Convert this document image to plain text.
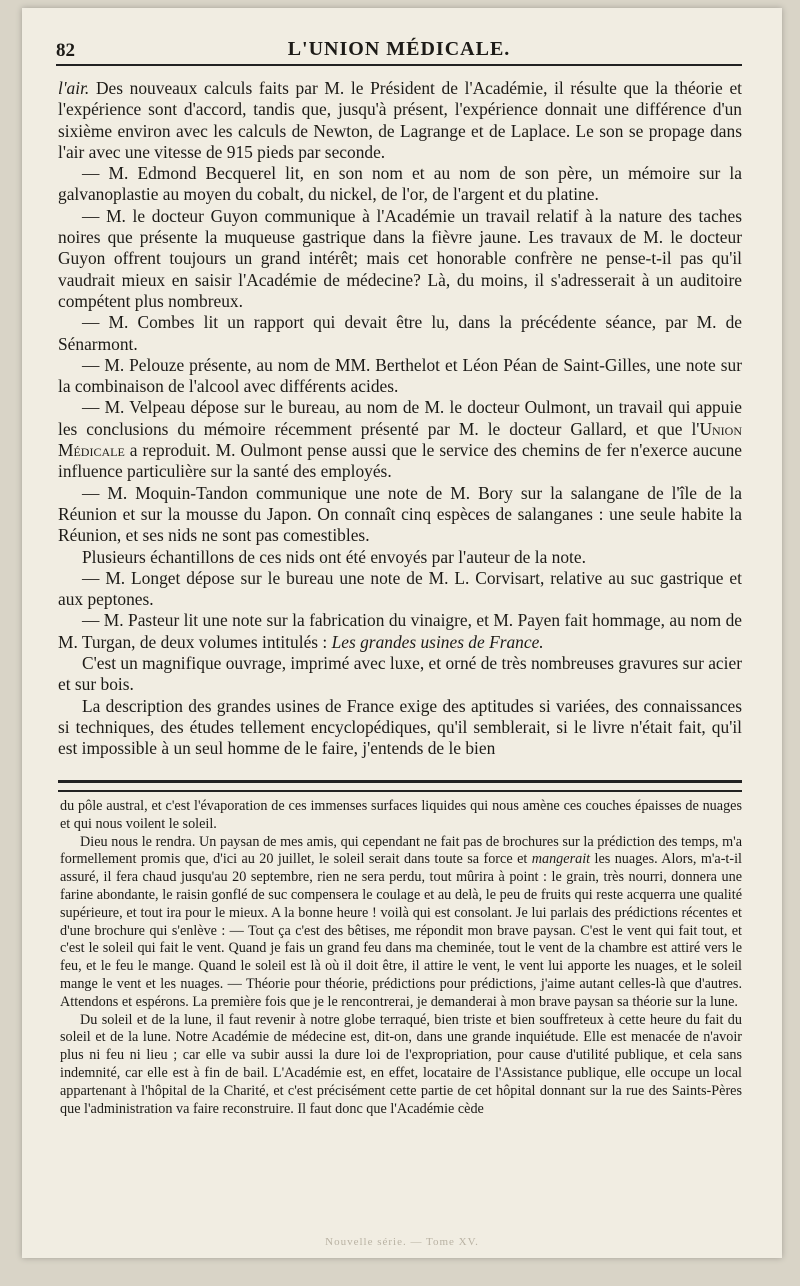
82	L'UNION MÉDICALE.

l'air. Des nouveaux calculs faits par M. le Président de l'Académie, il résulte que la théorie et l'expérience sont d'accord, tandis que, jusqu'à présent, l'expérience donnait une différence d'un sixième environ avec les calculs de Newton, de Lagrange et de Laplace. Le son se propage dans l'air avec une vitesse de 915 pieds par seconde.

— M. Edmond Becquerel lit, en son nom et au nom de son père, un mémoire sur la galvanoplastie au moyen du cobalt, du nickel, de l'or, de l'argent et du platine.

— M. le docteur Guyon communique à l'Académie un travail relatif à la nature des taches noires que présente la muqueuse gastrique dans la fièvre jaune. Les travaux de M. le docteur Guyon offrent toujours un grand intérêt; mais cet honorable confrère ne pense-t-il pas qu'il vaudrait mieux en saisir l'Académie de médecine? Là, du moins, il s'adresserait à un auditoire compétent plus nombreux.

— M. Combes lit un rapport qui devait être lu, dans la précédente séance, par M. de Sénarmont.

— M. Pelouze présente, au nom de MM. Berthelot et Léon Péan de Saint-Gilles, une note sur la combinaison de l'alcool avec différents acides.

— M. Velpeau dépose sur le bureau, au nom de M. le docteur Oulmont, un travail qui appuie les conclusions du mémoire récemment présenté par M. le docteur Gallard, et que l'Union Médicale a reproduit. M. Oulmont pense aussi que le service des chemins de fer n'exerce aucune influence particulière sur la santé des employés.

— M. Moquin-Tandon communique une note de M. Bory sur la salangane de l'île de la Réunion et sur la mousse du Japon. On connaît cinq espèces de salanganes : une seule habite la Réunion, et ses nids ne sont pas comestibles.

Plusieurs échantillons de ces nids ont été envoyés par l'auteur de la note.

— M. Longet dépose sur le bureau une note de M. L. Corvisart, relative au suc gastrique et aux peptones.

— M. Pasteur lit une note sur la fabrication du vinaigre, et M. Payen fait hommage, au nom de M. Turgan, de deux volumes intitulés : Les grandes usines de France.

C'est un magnifique ouvrage, imprimé avec luxe, et orné de très nombreuses gravures sur acier et sur bois.

La description des grandes usines de France exige des aptitudes si variées, des connaissances si techniques, des études tellement encyclopédiques, qu'il semblerait, si le livre n'était fait, qu'il est impossible à un seul homme de le faire, j'entends de le bien

du pôle austral, et c'est l'évaporation de ces immenses surfaces liquides qui nous amène ces couches épaisses de nuages et qui nous voilent le soleil.

Dieu nous le rendra. Un paysan de mes amis, qui cependant ne fait pas de brochures sur la prédiction des temps, m'a formellement promis que, d'ici au 20 juillet, le soleil serait dans toute sa force et mangerait les nuages. Alors, m'a-t-il assuré, il fera chaud jusqu'au 20 septembre, rien ne sera perdu, tout mûrira à point : le grain, très nourri, donnera une farine abondante, le raisin gonflé de suc compensera le coulage et au delà, le peu de fruits qui reste acquerra une qualité supérieure, et tout ira pour le mieux. A la bonne heure ! voilà qui est consolant. Je lui parlais des prédictions récentes et d'une brochure qui s'enlève : — Tout ça c'est des bêtises, me répondit mon brave paysan. C'est le vent qui fait tout, et c'est le soleil qui fait le vent. Quand je fais un grand feu dans ma cheminée, tout le vent de la chambre est attiré vers le feu, et le feu le mange. Quand le soleil est là où il doit être, il attire le vent, le vent lui apporte les nuages, et le soleil mange le vent et les nuages. — Théorie pour théorie, prédictions pour prédictions, j'aime autant celles-là que d'autres. Attendons et espérons. La première fois que je le rencontrerai, je demanderai à mon brave paysan sa théorie sur la lune.

Du soleil et de la lune, il faut revenir à notre globe terraqué, bien triste et bien souffreteux à cette heure du fait du soleil et de la lune. Notre Académie de médecine est, dit-on, dans une grande inquiétude. Elle est menacée de n'avoir plus ni feu ni lieu ; car elle va subir aussi la dure loi de l'expropriation, pour cause d'utilité publique, et cela sans indemnité, car elle est à fin de bail. L'Académie est, en effet, locataire de l'Assistance publique, elle occupe un local appartenant à l'hôpital de la Charité, et c'est précisément cette partie de cet hôpital donnant sur la rue des Saints-Pères que l'administration va faire reconstruire. Il faut donc que l'Académie cède

Nouvelle série. — Tome XV.
